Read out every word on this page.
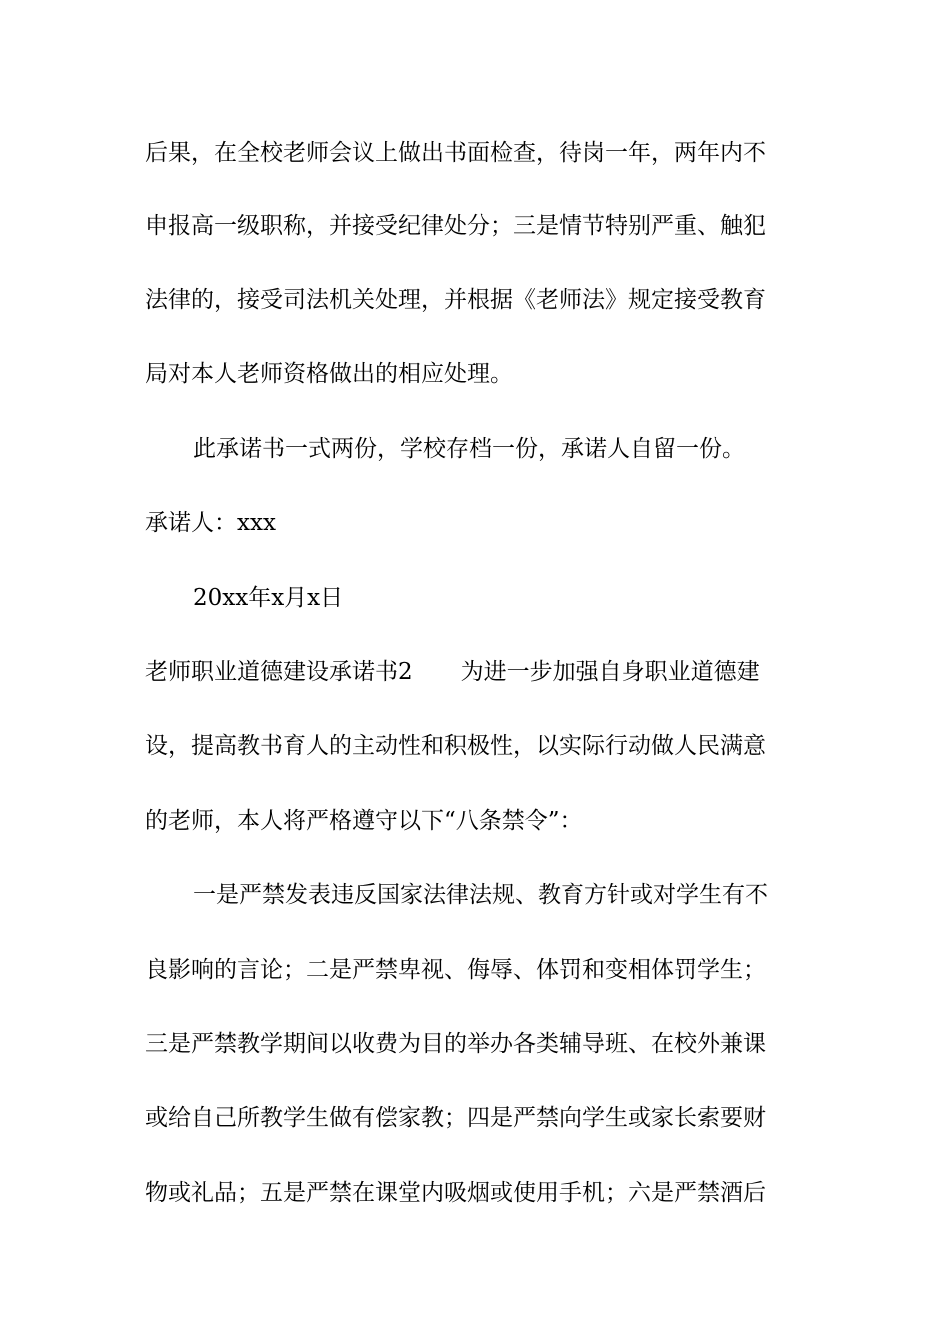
后果，在全校老师会议上做出书面检查，待岗一年，两年内不
申报高一级职称，并接受纪律处分；三是情节特别严重、触犯
法律的，接受司法机关处理，并根据《老师法》规定接受教育
局对本人老师资格做出的相应处理。
此承诺书一式两份，学校存档一份，承诺人自留一份。
承诺人：xxx
20xx年x月x日
老师职业道德建设承诺书2 为进一步加强自身职业道德建
设，提高教书育人的主动性和积极性，以实际行动做人民满意
的老师，本人将严格遵守以下“八条禁令”：
一是严禁发表违反国家法律法规、教育方针或对学生有不
良影响的言论；二是严禁卑视、侮辱、体罚和变相体罚学生；
三是严禁教学期间以收费为目的举办各类辅导班、在校外兼课
或给自己所教学生做有偿家教；四是严禁向学生或家长索要财
物或礼品；五是严禁在课堂内吸烟或使用手机；六是严禁酒后
